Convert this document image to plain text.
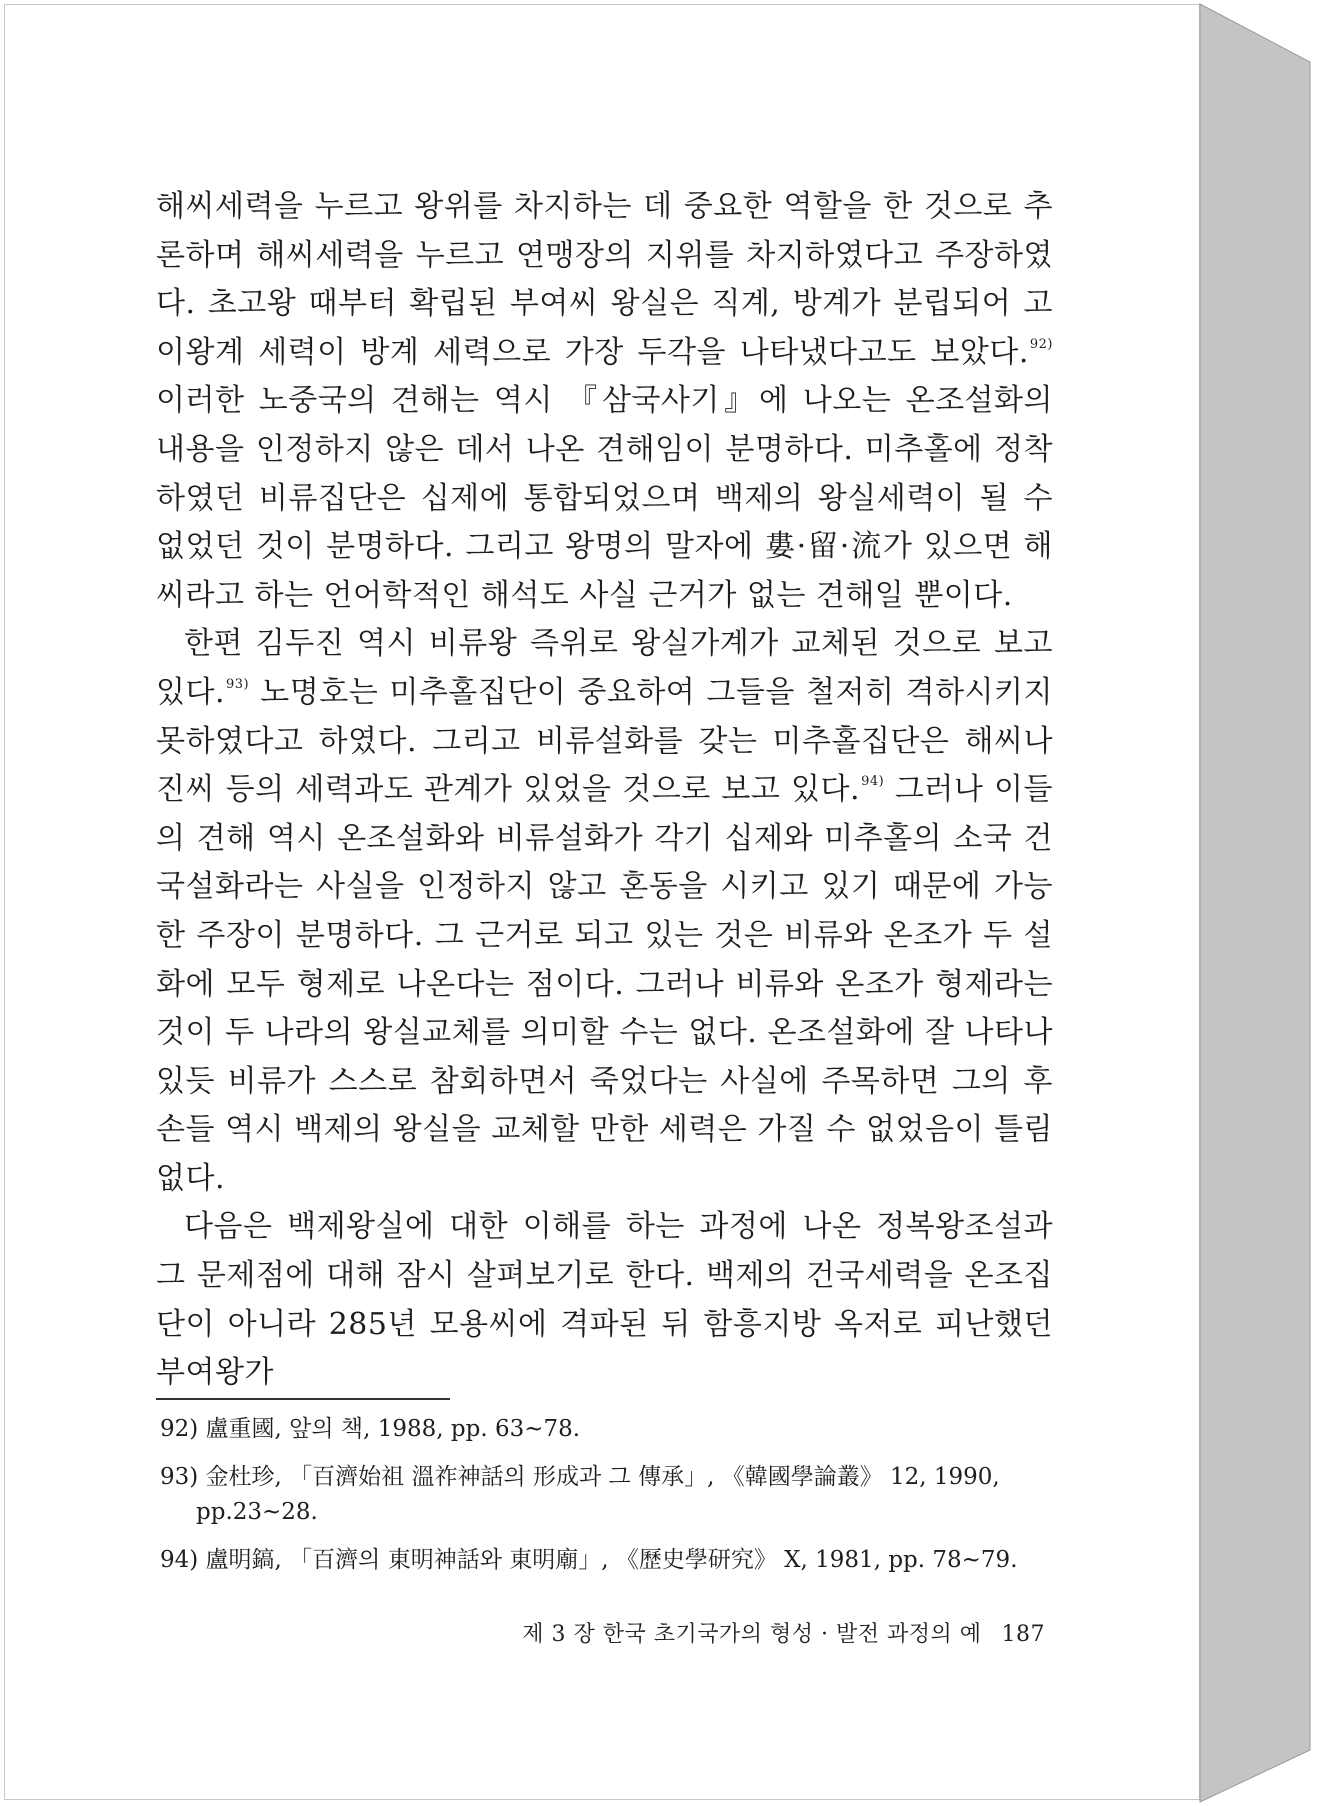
해씨세력을 누르고 왕위를 차지하는 데 중요한 역할을 한 것으로 추론하며 해씨세력을 누르고 연맹장의 지위를 차지하였다고 주장하였다. 초고왕 때부터 확립된 부여씨 왕실은 직계, 방계가 분립되어 고이왕계 세력이 방계 세력으로 가장 두각을 나타냈다고도 보았다.$^{92)}$ 이러한 노중국의 견해는 역시 『삼국사기』에 나오는 온조설화의 내용을 인정하지 않은 데서 나온 견해임이 분명하다. 미추홀에 정착하였던 비류집단은 십제에 통합되었으며 백제의 왕실세력이 될 수 없었던 것이 분명하다. 그리고 왕명의 말자에 婁·留·流가 있으면 해씨라고 하는 언어학적인 해석도 사실 근거가 없는 견해일 뿐이다.

한편 김두진 역시 비류왕 즉위로 왕실가계가 교체된 것으로 보고 있다.$^{93)}$ 노명호는 미추홀집단이 중요하여 그들을 철저히 격하시키지 못하였다고 하였다. 그리고 비류설화를 갖는 미추홀집단은 해씨나 진씨 등의 세력과도 관계가 있었을 것으로 보고 있다.$^{94)}$ 그러나 이들의 견해 역시 온조설화와 비류설화가 각기 십제와 미추홀의 소국 건국설화라는 사실을 인정하지 않고 혼동을 시키고 있기 때문에 가능한 주장이 분명하다. 그 근거로 되고 있는 것은 비류와 온조가 두 설화에 모두 형제로 나온다는 점이다. 그러나 비류와 온조가 형제라는 것이 두 나라의 왕실교체를 의미할 수는 없다. 온조설화에 잘 나타나 있듯 비류가 스스로 참회하면서 죽었다는 사실에 주목하면 그의 후손들 역시 백제의 왕실을 교체할 만한 세력은 가질 수 없었음이 틀림없다.

다음은 백제왕실에 대한 이해를 하는 과정에 나온 정복왕조설과 그 문제점에 대해 잠시 살펴보기로 한다. 백제의 건국세력을 온조집단이 아니라 285년 모용씨에 격파된 뒤 함흥지방 옥저로 피난했던 부여왕가

92) 盧重國, 앞의 책, 1988, pp. 63~78.

93) 金杜珍, 「百濟始祖 溫祚神話의 形成과 그 傳承」, 《韓國學論叢》 12, 1990, pp.23~28.

94) 盧明鎬, 「百濟의 東明神話와 東明廟」, 《歷史學研究》 X, 1981, pp. 78~79.

제 3 장 한국 초기국가의 형성 · 발전 과정의 예 187
